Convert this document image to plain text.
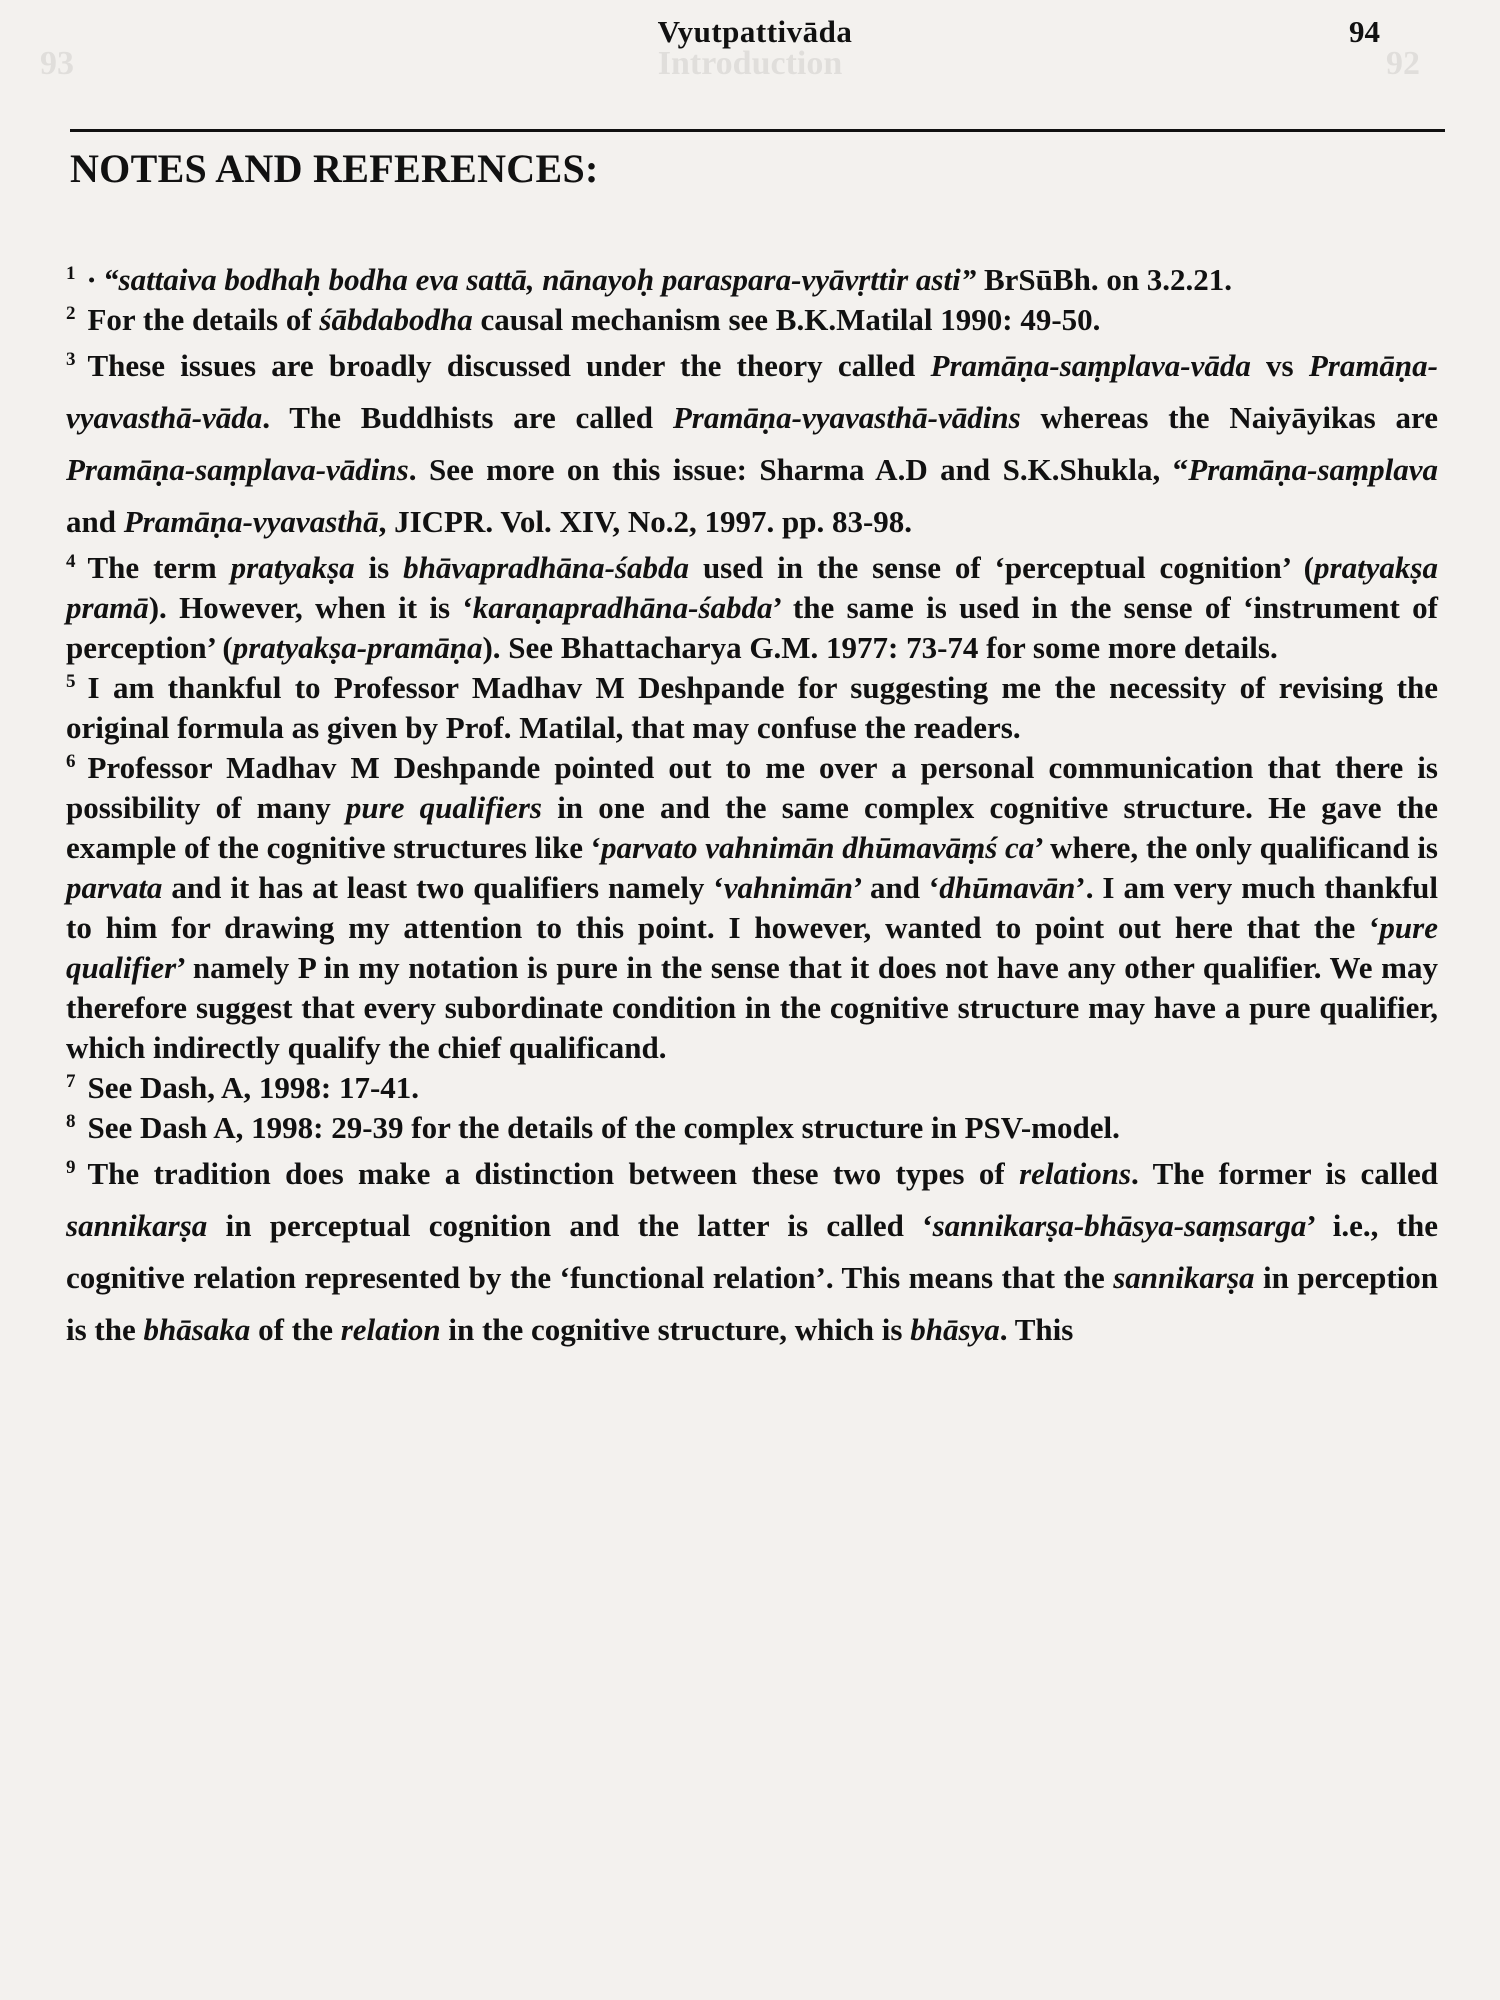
93	Introduction	92
Vyutpattivāda	94
NOTES AND REFERENCES:
$^1$ · “sattaiva bodhaḥ bodha eva sattā, nānayoḥ paraspara-vyāvṛttir asti” BrSūBh. on 3.2.21.
$^2$ For the details of śābdabodha causal mechanism see B.K.Matilal 1990: 49-50.
$^3$ These issues are broadly discussed under the theory called Pramāṇa-saṃplava-vāda vs Pramāṇa-vyavasthā-vāda. The Buddhists are called Pramāṇa-vyavasthā-vādins whereas the Naiyāyikas are Pramāṇa-saṃplava-vādins. See more on this issue: Sharma A.D and S.K.Shukla, “Pramāṇa-saṃplava and Pramāṇa-vyavasthā, JICPR. Vol. XIV, No.2, 1997. pp. 83-98.
$^4$ The term pratyakṣa is bhāvapradhāna-śabda used in the sense of ‘perceptual cognition’ (pratyakṣa pramā). However, when it is ‘karaṇapradhāna-śabda’ the same is used in the sense of ‘instrument of perception’ (pratyakṣa-pramāṇa). See Bhattacharya G.M. 1977: 73-74 for some more details.
$^5$ I am thankful to Professor Madhav M Deshpande for suggesting me the necessity of revising the original formula as given by Prof. Matilal, that may confuse the readers.
$^6$ Professor Madhav M Deshpande pointed out to me over a personal communication that there is possibility of many pure qualifiers in one and the same complex cognitive structure. He gave the example of the cognitive structures like ‘parvato vahnimān dhūmavāṃś ca’ where, the only qualificand is parvata and it has at least two qualifiers namely ‘vahnimān’ and ‘dhūmavān’. I am very much thankful to him for drawing my attention to this point. I however, wanted to point out here that the ‘pure qualifier’ namely P in my notation is pure in the sense that it does not have any other qualifier. We may therefore suggest that every subordinate condition in the cognitive structure may have a pure qualifier, which indirectly qualify the chief qualificand.
$^7$ See Dash, A, 1998: 17-41.
$^8$ See Dash A, 1998: 29-39 for the details of the complex structure in PSV-model.
$^9$ The tradition does make a distinction between these two types of relations. The former is called sannikarṣa in perceptual cognition and the latter is called ‘sannikarṣa-bhāsya-saṃsarga’ i.e., the cognitive relation represented by the ‘functional relation’. This means that the sannikarṣa in perception is the bhāsaka of the relation in the cognitive structure, which is bhāsya. This
